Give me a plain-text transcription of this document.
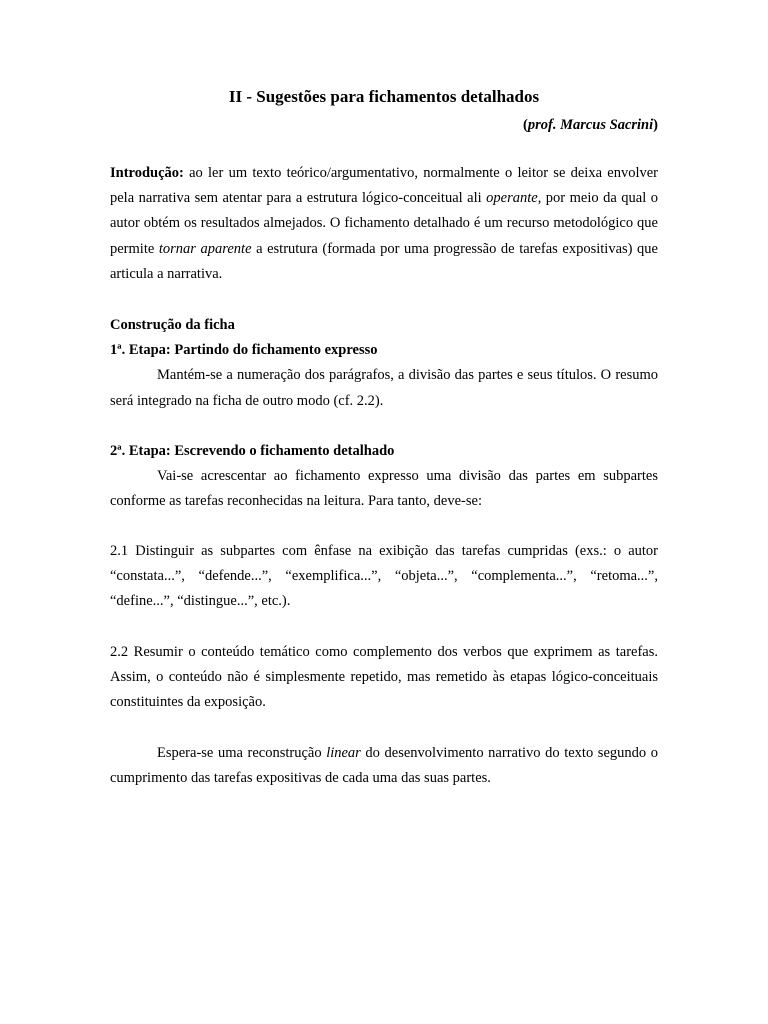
II - Sugestões para fichamentos detalhados
(prof. Marcus Sacrini)

Introdução: ao ler um texto teórico/argumentativo, normalmente o leitor se deixa envolver pela narrativa sem atentar para a estrutura lógico-conceitual ali operante, por meio da qual o autor obtém os resultados almejados. O fichamento detalhado é um recurso metodológico que permite tornar aparente a estrutura (formada por uma progressão de tarefas expositivas) que articula a narrativa.

Construção da ficha

1ª. Etapa: Partindo do fichamento expresso

Mantém-se a numeração dos parágrafos, a divisão das partes e seus títulos. O resumo será integrado na ficha de outro modo (cf. 2.2).

2ª. Etapa: Escrevendo o fichamento detalhado

Vai-se acrescentar ao fichamento expresso uma divisão das partes em subpartes conforme as tarefas reconhecidas na leitura. Para tanto, deve-se:

2.1 Distinguir as subpartes com ênfase na exibição das tarefas cumpridas (exs.: o autor “constata...”, “defende...”, “exemplifica...”, “objeta...”, “complementa...”, “retoma...”, “define...”, “distingue...”, etc.).

2.2 Resumir o conteúdo temático como complemento dos verbos que exprimem as tarefas. Assim, o conteúdo não é simplesmente repetido, mas remetido às etapas lógico-conceituais constituintes da exposição.

Espera-se uma reconstrução linear do desenvolvimento narrativo do texto segundo o cumprimento das tarefas expositivas de cada uma das suas partes.
